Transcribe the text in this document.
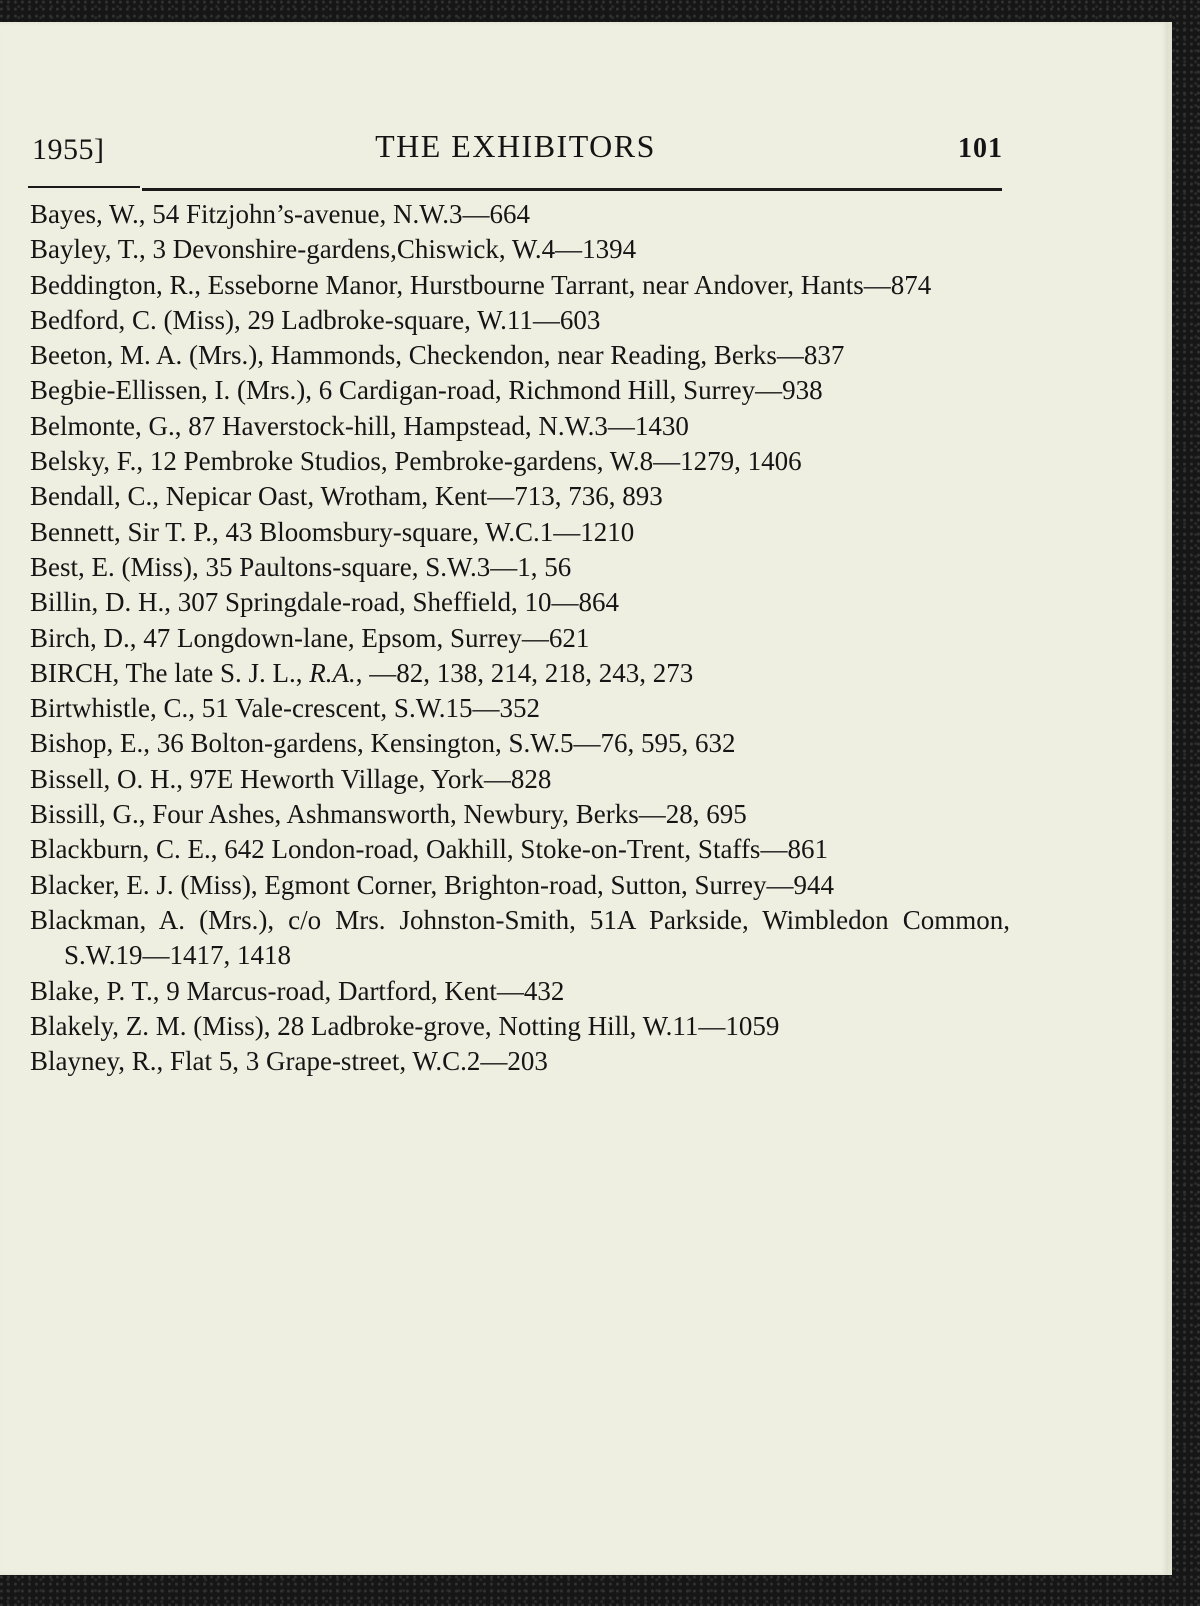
1955]	THE EXHIBITORS	101
Bayes, W., 54 Fitzjohn’s-avenue, N.W.3—664
Bayley, T., 3 Devonshire-gardens,Chiswick, W.4—1394
Beddington, R., Esseborne Manor, Hurstbourne Tarrant, near Andover, Hants—874
Bedford, C. (Miss), 29 Ladbroke-square, W.11—603
Beeton, M. A. (Mrs.), Hammonds, Checkendon, near Reading, Berks—837
Begbie-Ellissen, I. (Mrs.), 6 Cardigan-road, Richmond Hill, Surrey—938
Belmonte, G., 87 Haverstock-hill, Hampstead, N.W.3—1430
Belsky, F., 12 Pembroke Studios, Pembroke-gardens, W.8—1279, 1406
Bendall, C., Nepicar Oast, Wrotham, Kent—713, 736, 893
Bennett, Sir T. P., 43 Bloomsbury-square, W.C.1—1210
Best, E. (Miss), 35 Paultons-square, S.W.3—1, 56
Billin, D. H., 307 Springdale-road, Sheffield, 10—864
Birch, D., 47 Longdown-lane, Epsom, Surrey—621
BIRCH, The late S. J. L., R.A., —82, 138, 214, 218, 243, 273
Birtwhistle, C., 51 Vale-crescent, S.W.15—352
Bishop, E., 36 Bolton-gardens, Kensington, S.W.5—76, 595, 632
Bissell, O. H., 97E Heworth Village, York—828
Bissill, G., Four Ashes, Ashmansworth, Newbury, Berks—28, 695
Blackburn, C. E., 642 London-road, Oakhill, Stoke-on-Trent, Staffs—861
Blacker, E. J. (Miss), Egmont Corner, Brighton-road, Sutton, Surrey—944
Blackman, A. (Mrs.), c/o Mrs. Johnston-Smith, 51A Parkside, Wimbledon Common, S.W.19—1417, 1418
Blake, P. T., 9 Marcus-road, Dartford, Kent—432
Blakely, Z. M. (Miss), 28 Ladbroke-grove, Notting Hill, W.11—1059
Blayney, R., Flat 5, 3 Grape-street, W.C.2—203
